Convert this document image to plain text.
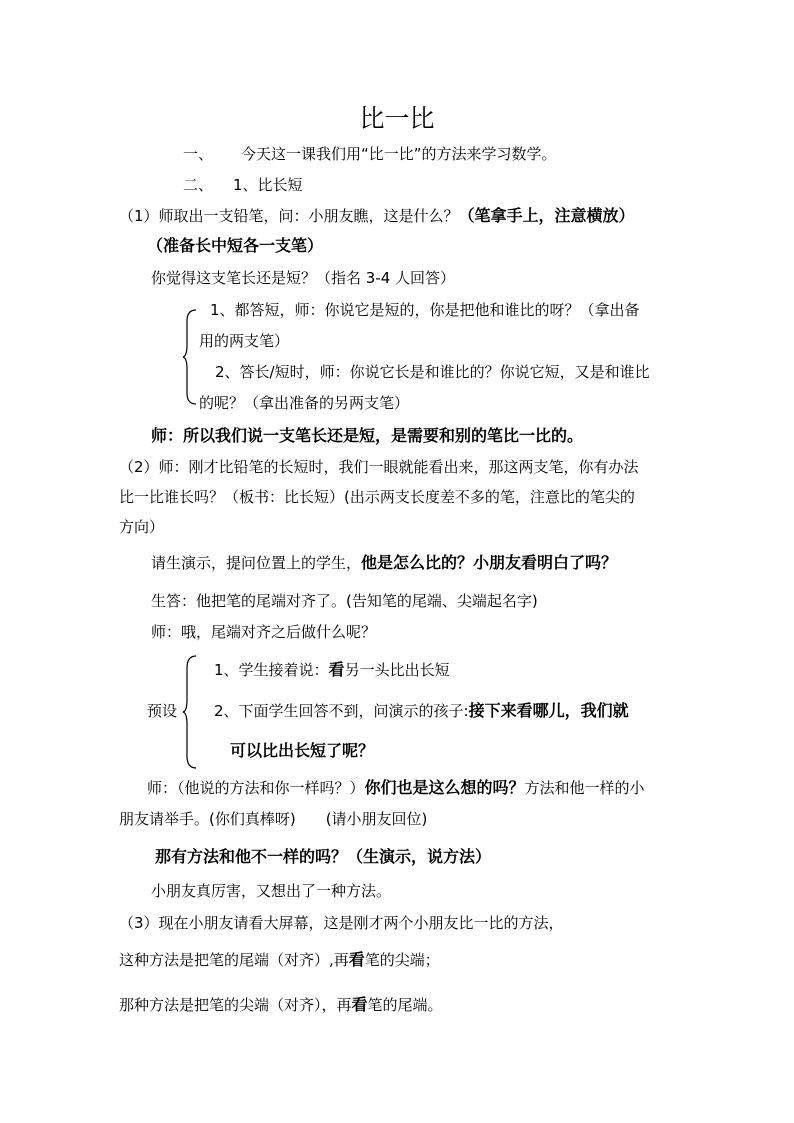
比一比
一、 今天这一课我们用“比一比”的方法来学习数学。
二、 1、比长短
（1）师取出一支铅笔，问：小朋友瞧，这是什么？（笔拿手上，注意横放）
（准备长中短各一支笔）
你觉得这支笔长还是短？（指名 3-4 人回答）
1、都答短，师：你说它是短的，你是把他和谁比的呀？（拿出备
用的两支笔）
2、答长/短时，师：你说它长是和谁比的？你说它短，又是和谁比
的呢？（拿出准备的另两支笔）
师：所以我们说一支笔长还是短，是需要和别的笔比一比的。
（2）师：刚才比铅笔的长短时，我们一眼就能看出来，那这两支笔，你有办法
比一比谁长吗？（板书：比长短）(出示两支长度差不多的笔，注意比的笔尖的
方向）
请生演示，提问位置上的学生，他是怎么比的？小朋友看明白了吗？
生答：他把笔的尾端对齐了。(告知笔的尾端、尖端起名字)
师：哦，尾端对齐之后做什么呢？
预设
1、学生接着说：看另一头比出长短
2、下面学生回答不到，问演示的孩子:接下来看哪儿，我们就
可以比出长短了呢？
师：（他说的方法和你一样吗？）你们也是这么想的吗？方法和他一样的小
朋友请举手。(你们真棒呀)　　(请小朋友回位)
那有方法和他不一样的吗？（生演示，说方法）
小朋友真厉害，又想出了一种方法。
（3）现在小朋友请看大屏幕，这是刚才两个小朋友比一比的方法，
这种方法是把笔的尾端（对齐）,再看笔的尖端；
那种方法是把笔的尖端（对齐），再看笔的尾端。
